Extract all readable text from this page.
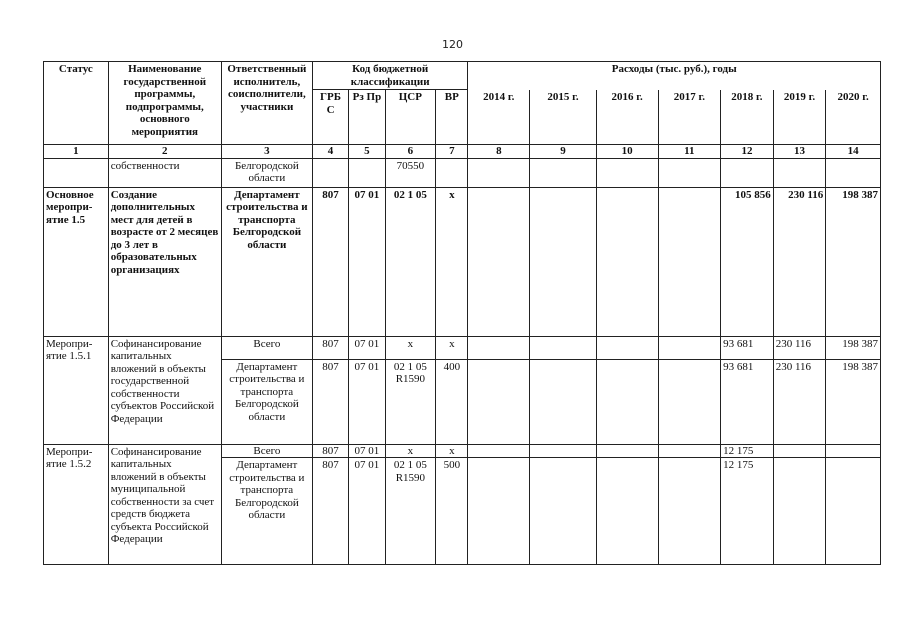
120
Статус	Наименование государственной программы, подпрограммы, основного мероприятия	Ответственный исполнитель, соисполнители, участники	Код бюджетной классификации				Расходы (тыс. руб.), годы						
			ГРБ С	Рз Пр	ЦСР	ВР	2014 г.	2015 г.	2016 г.	2017 г.	2018 г.	2019 г.	2020 г.
1	2	3	4	5	6	7	8	9	10	11	12	13	14
	собственности	Белгородской области			70550								
Основное меропри-ятие 1.5	Создание дополнительных мест для детей в возрасте от 2 месяцев до 3 лет в образовательных организациях	Департамент строительства и транспорта Белгородской области	807	07 01	02 1 05	x					105 856	230 116	198 387
Меропри-ятие 1.5.1	Софинансирование капитальных вложений в объекты государственной собственности субъектов Российской Федерации	Всего	807	07 01	x	x					93 681	230 116	198 387
		Департамент строительства и транспорта Белгородской области	807	07 01	02 1 05 R1590	400					93 681	230 116	198 387
Меропри-ятие 1.5.2	Софинансирование капитальных вложений в объекты муниципальной собственности за счет средств бюджета субъекта Российской Федерации	Всего	807	07 01	x	x					12 175		
		Департамент строительства и транспорта Белгородской области	807	07 01	02 1 05 R1590	500					12 175		
